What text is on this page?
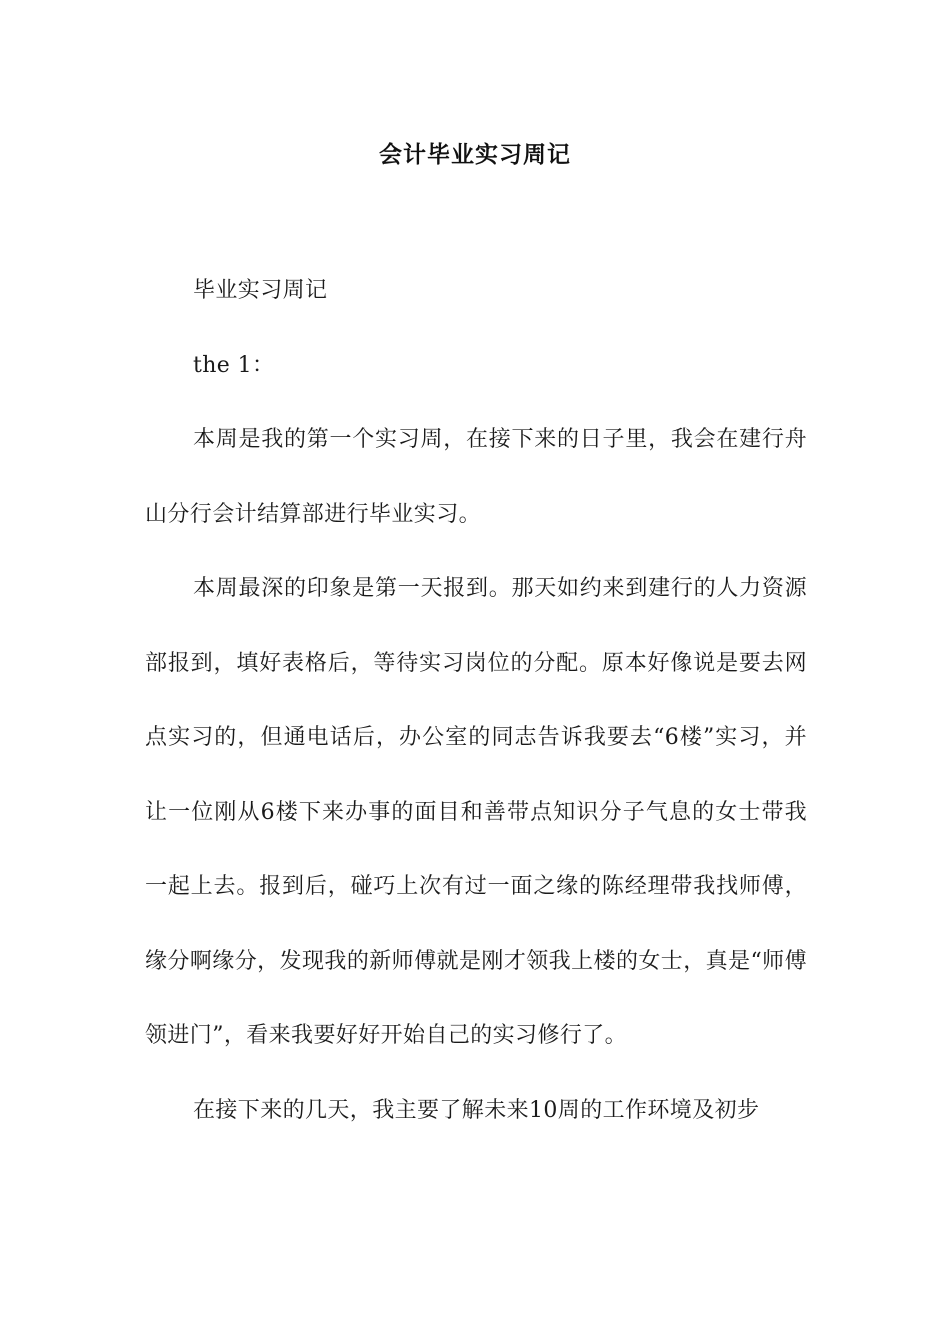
会计毕业实习周记

毕业实习周记

the 1：

本周是我的第一个实习周，在接下来的日子里，我会在建行舟山分行会计结算部进行毕业实习。

本周最深的印象是第一天报到。那天如约来到建行的人力资源部报到，填好表格后，等待实习岗位的分配。原本好像说是要去网点实习的，但通电话后，办公室的同志告诉我要去“6楼”实习，并让一位刚从6楼下来办事的面目和善带点知识分子气息的女士带我一起上去。报到后，碰巧上次有过一面之缘的陈经理带我找师傅，缘分啊缘分，发现我的新师傅就是刚才领我上楼的女士，真是“师傅领进门”，看来我要好好开始自己的实习修行了。

在接下来的几天，我主要了解未来10周的工作环境及初步
